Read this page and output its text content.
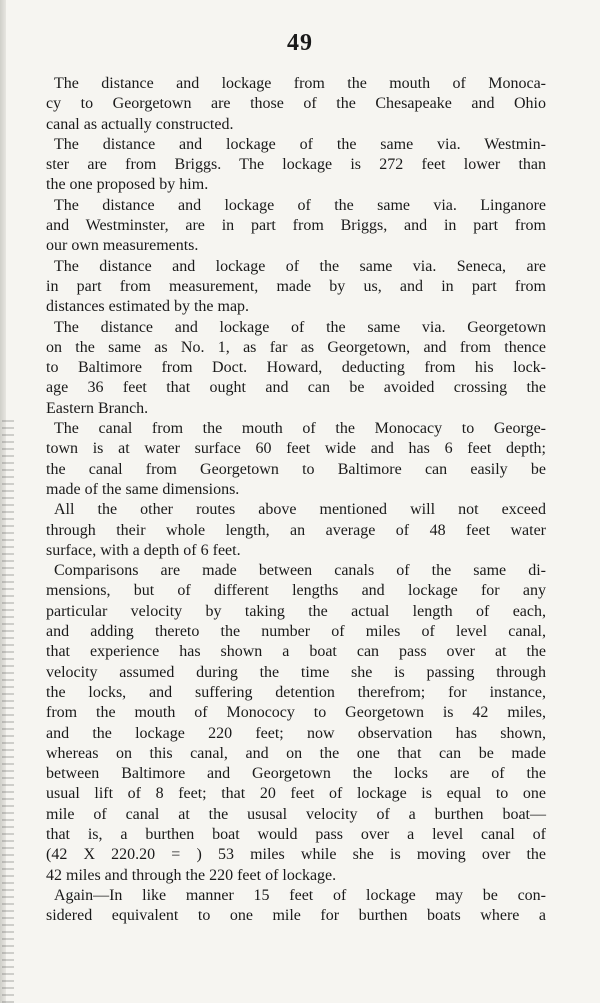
49
The distance and lockage from the mouth of Monoca-
cy to Georgetown are those of the Chesapeake and Ohio
canal as actually constructed.
The distance and lockage of the same via. Westmin-
ster are from Briggs. The lockage is 272 feet lower than
the one proposed by him.
The distance and lockage of the same via. Linganore
and Westminster, are in part from Briggs, and in part from
our own measurements.
The distance and lockage of the same via. Seneca, are
in part from measurement, made by us, and in part from
distances estimated by the map.
The distance and lockage of the same via. Georgetown
on the same as No. 1, as far as Georgetown, and from thence
to Baltimore from Doct. Howard, deducting from his lock-
age 36 feet that ought and can be avoided crossing the
Eastern Branch.
The canal from the mouth of the Monocacy to George-
town is at water surface 60 feet wide and has 6 feet depth;
the canal from Georgetown to Baltimore can easily be
made of the same dimensions.
All the other routes above mentioned will not exceed
through their whole length, an average of 48 feet water
surface, with a depth of 6 feet.
Comparisons are made between canals of the same di-
mensions, but of different lengths and lockage for any
particular velocity by taking the actual length of each,
and adding thereto the number of miles of level canal,
that experience has shown a boat can pass over at the
velocity assumed during the time she is passing through
the locks, and suffering detention therefrom; for instance,
from the mouth of Monococy to Georgetown is 42 miles,
and the lockage 220 feet; now observation has shown,
whereas on this canal, and on the one that can be made
between Baltimore and Georgetown the locks are of the
usual lift of 8 feet; that 20 feet of lockage is equal to one
mile of canal at the ususal velocity of a burthen boat—
that is, a burthen boat would pass over a level canal of
(42 X 220.20 = ) 53 miles while she is moving over the
42 miles and through the 220 feet of lockage.
Again—In like manner 15 feet of lockage may be con-
sidered equivalent to one mile for burthen boats where a
